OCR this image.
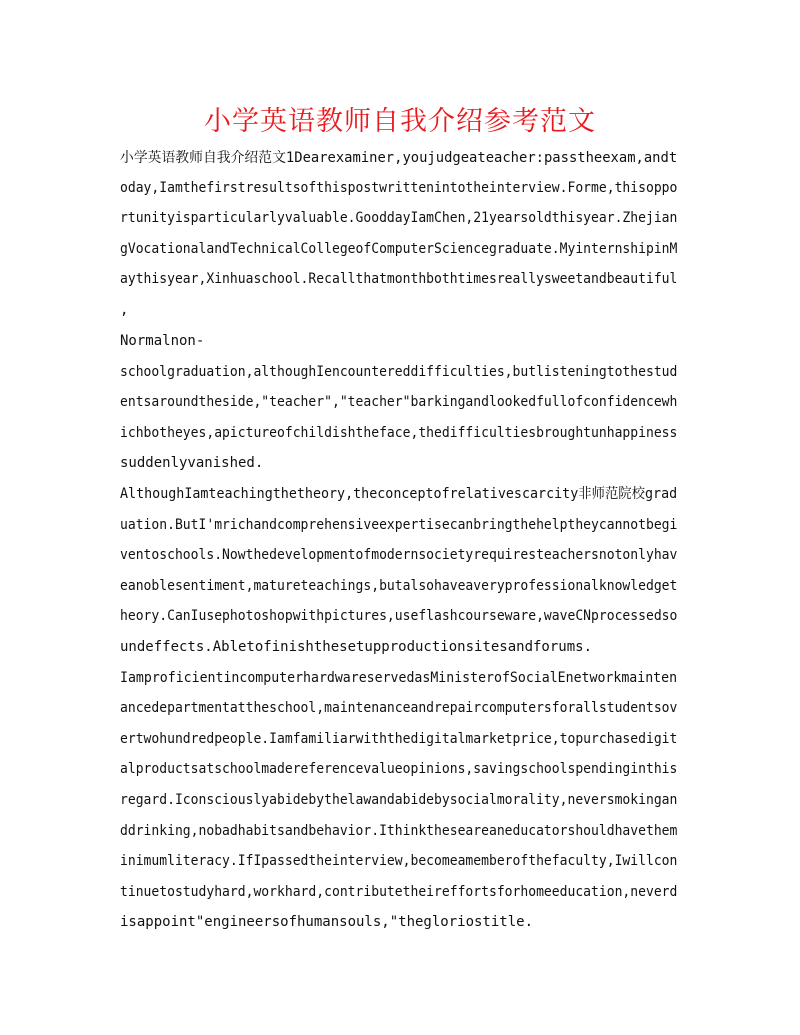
小学英语教师自我介绍参考范文
小学英语教师自我介绍范文1Dearexaminer,youjudgeateacher:passtheexam,andt
oday,Iamthefirstresultsofthispostwrittenintotheinterview.Forme,thisoppo
rtunityisparticularlyvaluable.GooddayIamChen,21yearsoldthisyear.Zhejian
gVocationalandTechnicalCollegeofComputerSciencegraduate.MyinternshipinM
aythisyear,Xinhuaschool.Recallthatmonthbothtimesreallysweetandbeautiful
,
Normalnon-
schoolgraduation,althoughIencountereddifficulties,butlisteningtothestud
entsaroundtheside,"teacher","teacher"barkingandlookedfullofconfidencewh
ichbotheyes,apictureofchildishtheface,thedifficultiesbroughtunhappiness
suddenlyvanished.
AlthoughIamteachingthetheory,theconceptofrelativescarcity非师范院校grad
uation.ButI'mrichandcomprehensiveexpertisecanbringthehelptheycannotbegi
ventoschools.Nowthedevelopmentofmodernsocietyrequiresteachersnotonlyhav
eanoblesentiment,matureteachings,butalsohaveaveryprofessionalknowledget
heory.CanIusephotoshopwithpictures,useflashcourseware,waveCNprocessedso
undeffects.Abletofinishthesetupproductionsitesandforums.
IamproficientincomputerhardwareservedasMinisterofSocialEnetworkmainten
ancedepartmentattheschool,maintenanceandrepaircomputersforallstudentsov
ertwohundredpeople.Iamfamiliarwiththedigitalmarketprice,topurchasedigit
alproductsatschoolmadereferencevalueopinions,savingschoolspendinginthis
regard.Iconsciouslyabidebythelawandabidebysocialmorality,neversmokingan
ddrinking,nobadhabitsandbehavior.Ithinktheseareaneducatorshouldhavethem
inimumliteracy.IfIpassedtheinterview,becomeamemberofthefaculty,Iwillcon
tinuetostudyhard,workhard,contributetheireffortsforhomeeducation,neverd
isappoint"engineersofhumansouls,"thegloriostitle.
